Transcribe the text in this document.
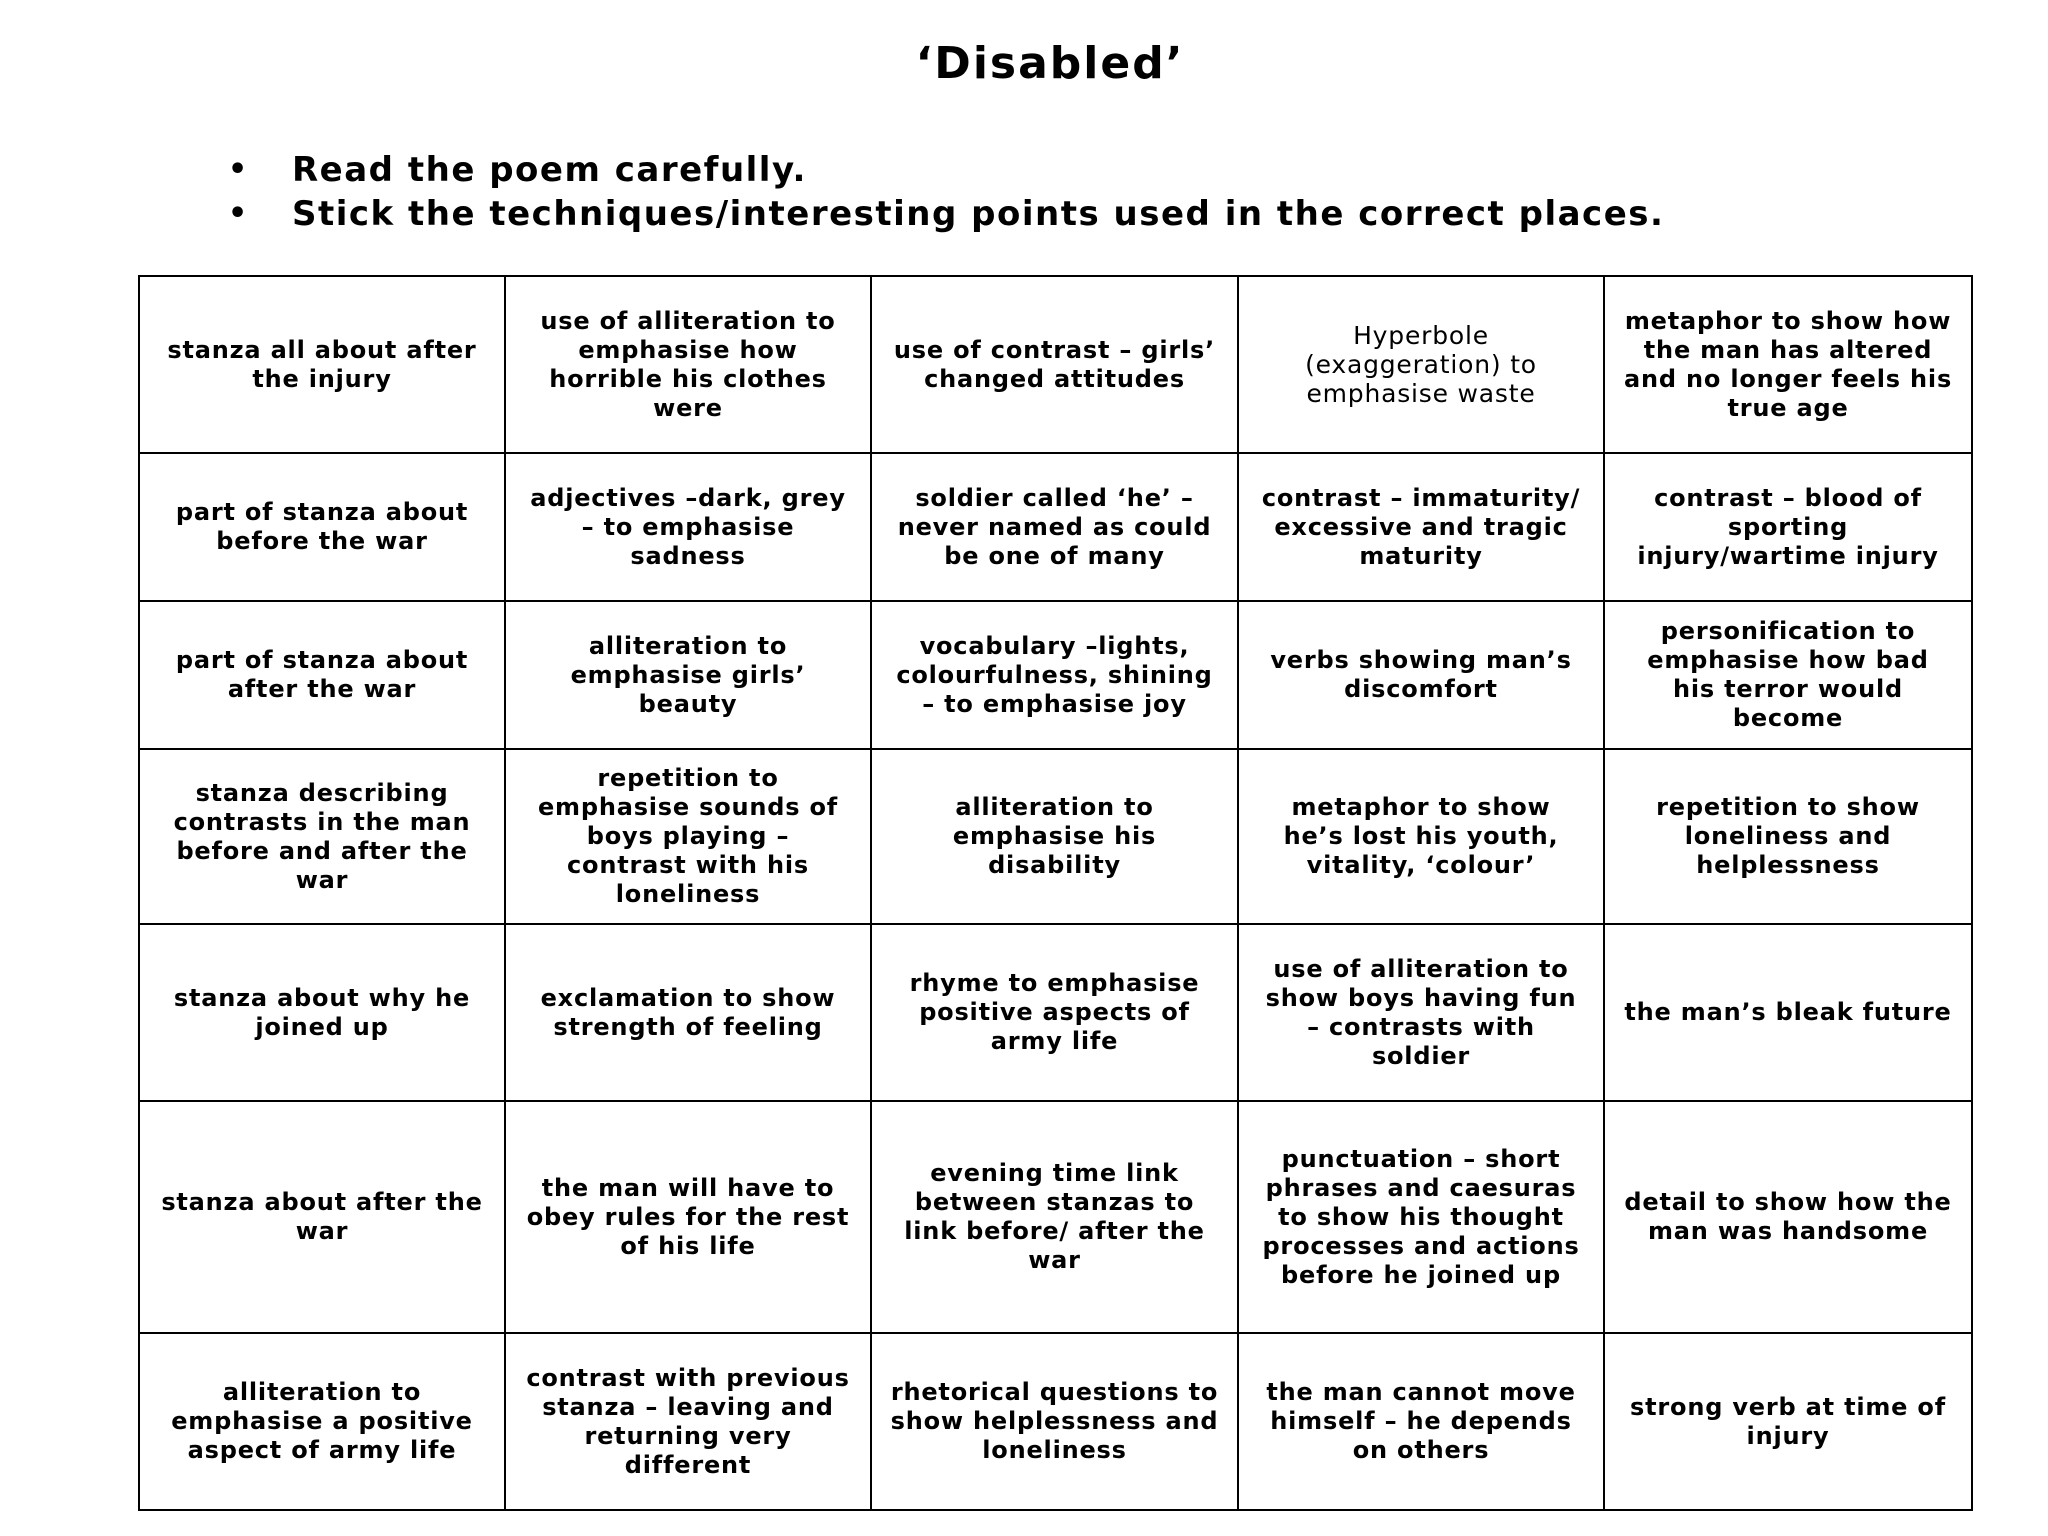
‘Disabled’
• Read the poem carefully.
• Stick the techniques/interesting points used in the correct places.
stanza all about after the injury	use of alliteration to emphasise how horrible his clothes were	use of contrast – girls’ changed attitudes	Hyperbole (exaggeration) to emphasise waste	metaphor to show how the man has altered and no longer feels his true age
part of stanza about before the war	adjectives –dark, grey – to emphasise sadness	soldier called ‘he’ – never named as could be one of many	contrast – immaturity/ excessive and tragic maturity	contrast – blood of sporting injury/wartime injury
part of stanza about after the war	alliteration to emphasise girls’ beauty	vocabulary –lights, colourfulness, shining – to emphasise joy	verbs showing man’s discomfort	personification to emphasise how bad his terror would become
stanza describing contrasts in the man before and after the war	repetition to emphasise sounds of boys playing – contrast with his loneliness	alliteration to emphasise his disability	metaphor to show he’s lost his youth, vitality, ‘colour’	repetition to show loneliness and helplessness
stanza about why he joined up	exclamation to show strength of feeling	rhyme to emphasise positive aspects of army life	use of alliteration to show boys having fun – contrasts with soldier	the man’s bleak future
stanza about after the war	the man will have to obey rules for the rest of his life	evening time link between stanzas to link before/ after the war	punctuation – short phrases and caesuras to show his thought processes and actions before he joined up	detail to show how the man was handsome
alliteration to emphasise a positive aspect of army life	contrast with previous stanza – leaving and returning very different	rhetorical questions to show helplessness and loneliness	the man cannot move himself – he depends on others	strong verb at time of injury
